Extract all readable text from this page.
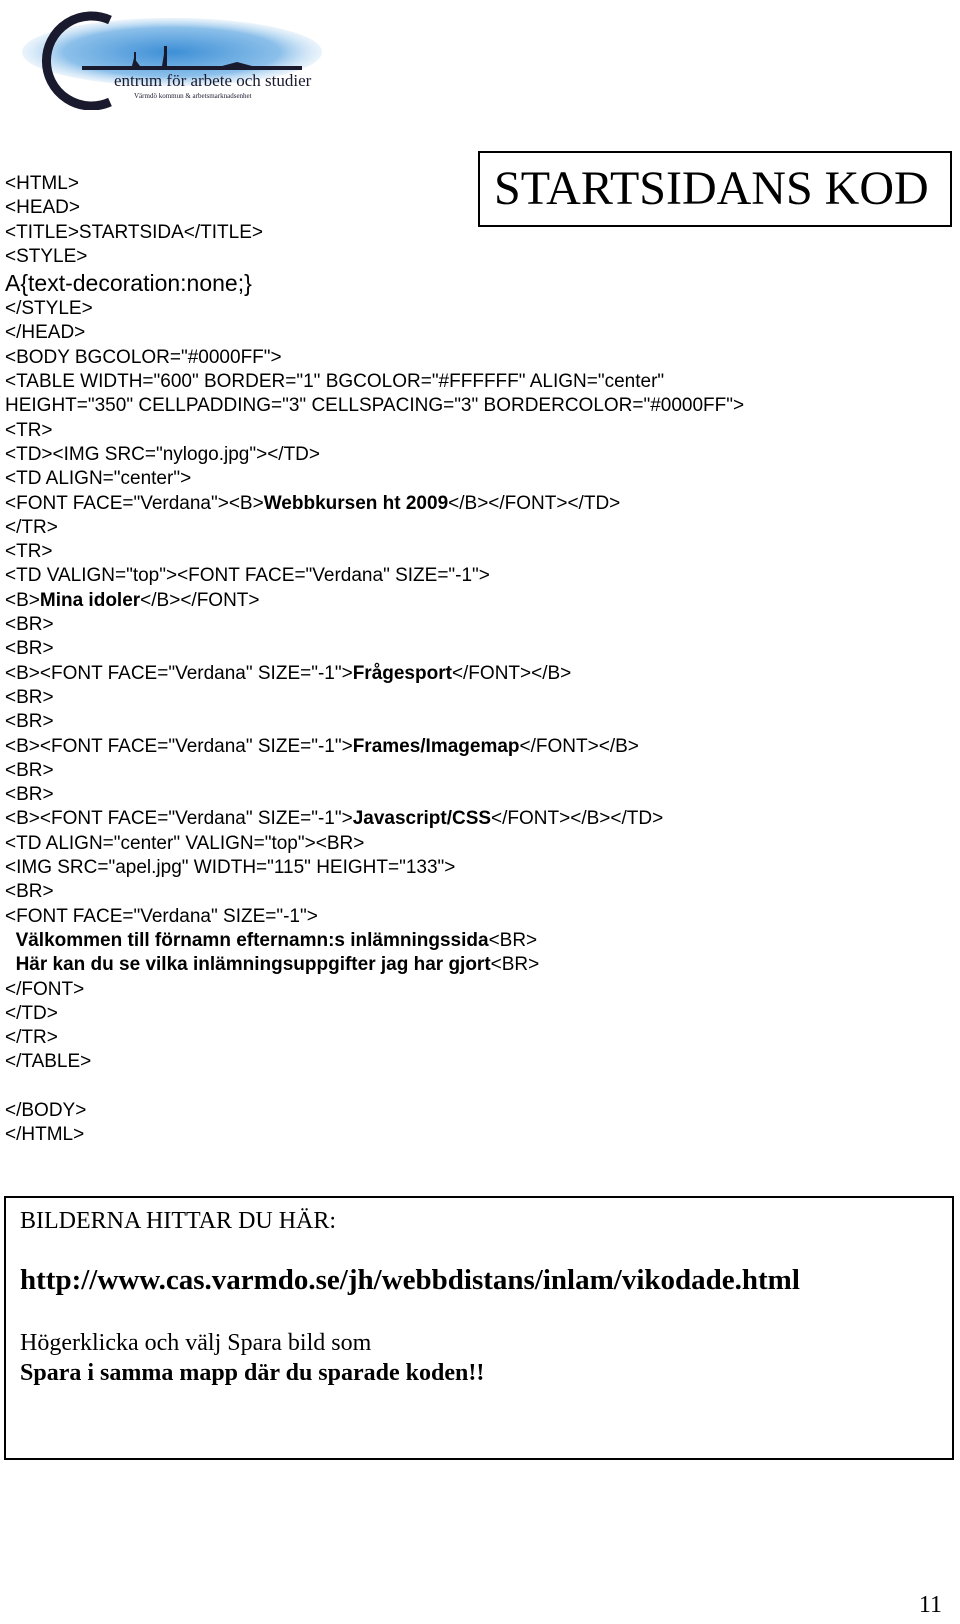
entrum för arbete och studier
Värmdö kommun & arbetsmarknadsenhet
STARTSIDANS KOD
<HTML>
<HEAD>
<TITLE>STARTSIDA</TITLE>
<STYLE>
A{text-decoration:none;}
</STYLE>
</HEAD>
<BODY BGCOLOR="#0000FF">
<TABLE WIDTH="600" BORDER="1" BGCOLOR="#FFFFFF" ALIGN="center"
HEIGHT="350" CELLPADDING="3" CELLSPACING="3" BORDERCOLOR="#0000FF">
<TR>
<TD><IMG SRC="nylogo.jpg"></TD>
<TD ALIGN="center">
<FONT FACE="Verdana"><B>Webbkursen ht 2009</B></FONT></TD>
</TR>
<TR>
<TD VALIGN="top"><FONT FACE="Verdana" SIZE="-1">
<B>Mina idoler</B></FONT>
<BR>
<BR>
<B><FONT FACE="Verdana" SIZE="-1">Frågesport</FONT></B>
<BR>
<BR>
<B><FONT FACE="Verdana" SIZE="-1">Frames/Imagemap</FONT></B>
<BR>
<BR>
<B><FONT FACE="Verdana" SIZE="-1">Javascript/CSS</FONT></B></TD>
<TD ALIGN="center" VALIGN="top"><BR>
<IMG SRC="apel.jpg" WIDTH="115" HEIGHT="133">
<BR>
<FONT FACE="Verdana" SIZE="-1">
Välkommen till förnamn efternamn:s inlämningssida<BR>
Här kan du se vilka inlämningsuppgifter jag har gjort<BR>
</FONT>
</TD>
</TR>
</TABLE>
</BODY>
</HTML>
BILDERNA HITTAR DU HÄR:
http://www.cas.varmdo.se/jh/webbdistans/inlam/vikodade.html
Högerklicka och välj Spara bild som
Spara i samma mapp där du sparade koden!!
11
